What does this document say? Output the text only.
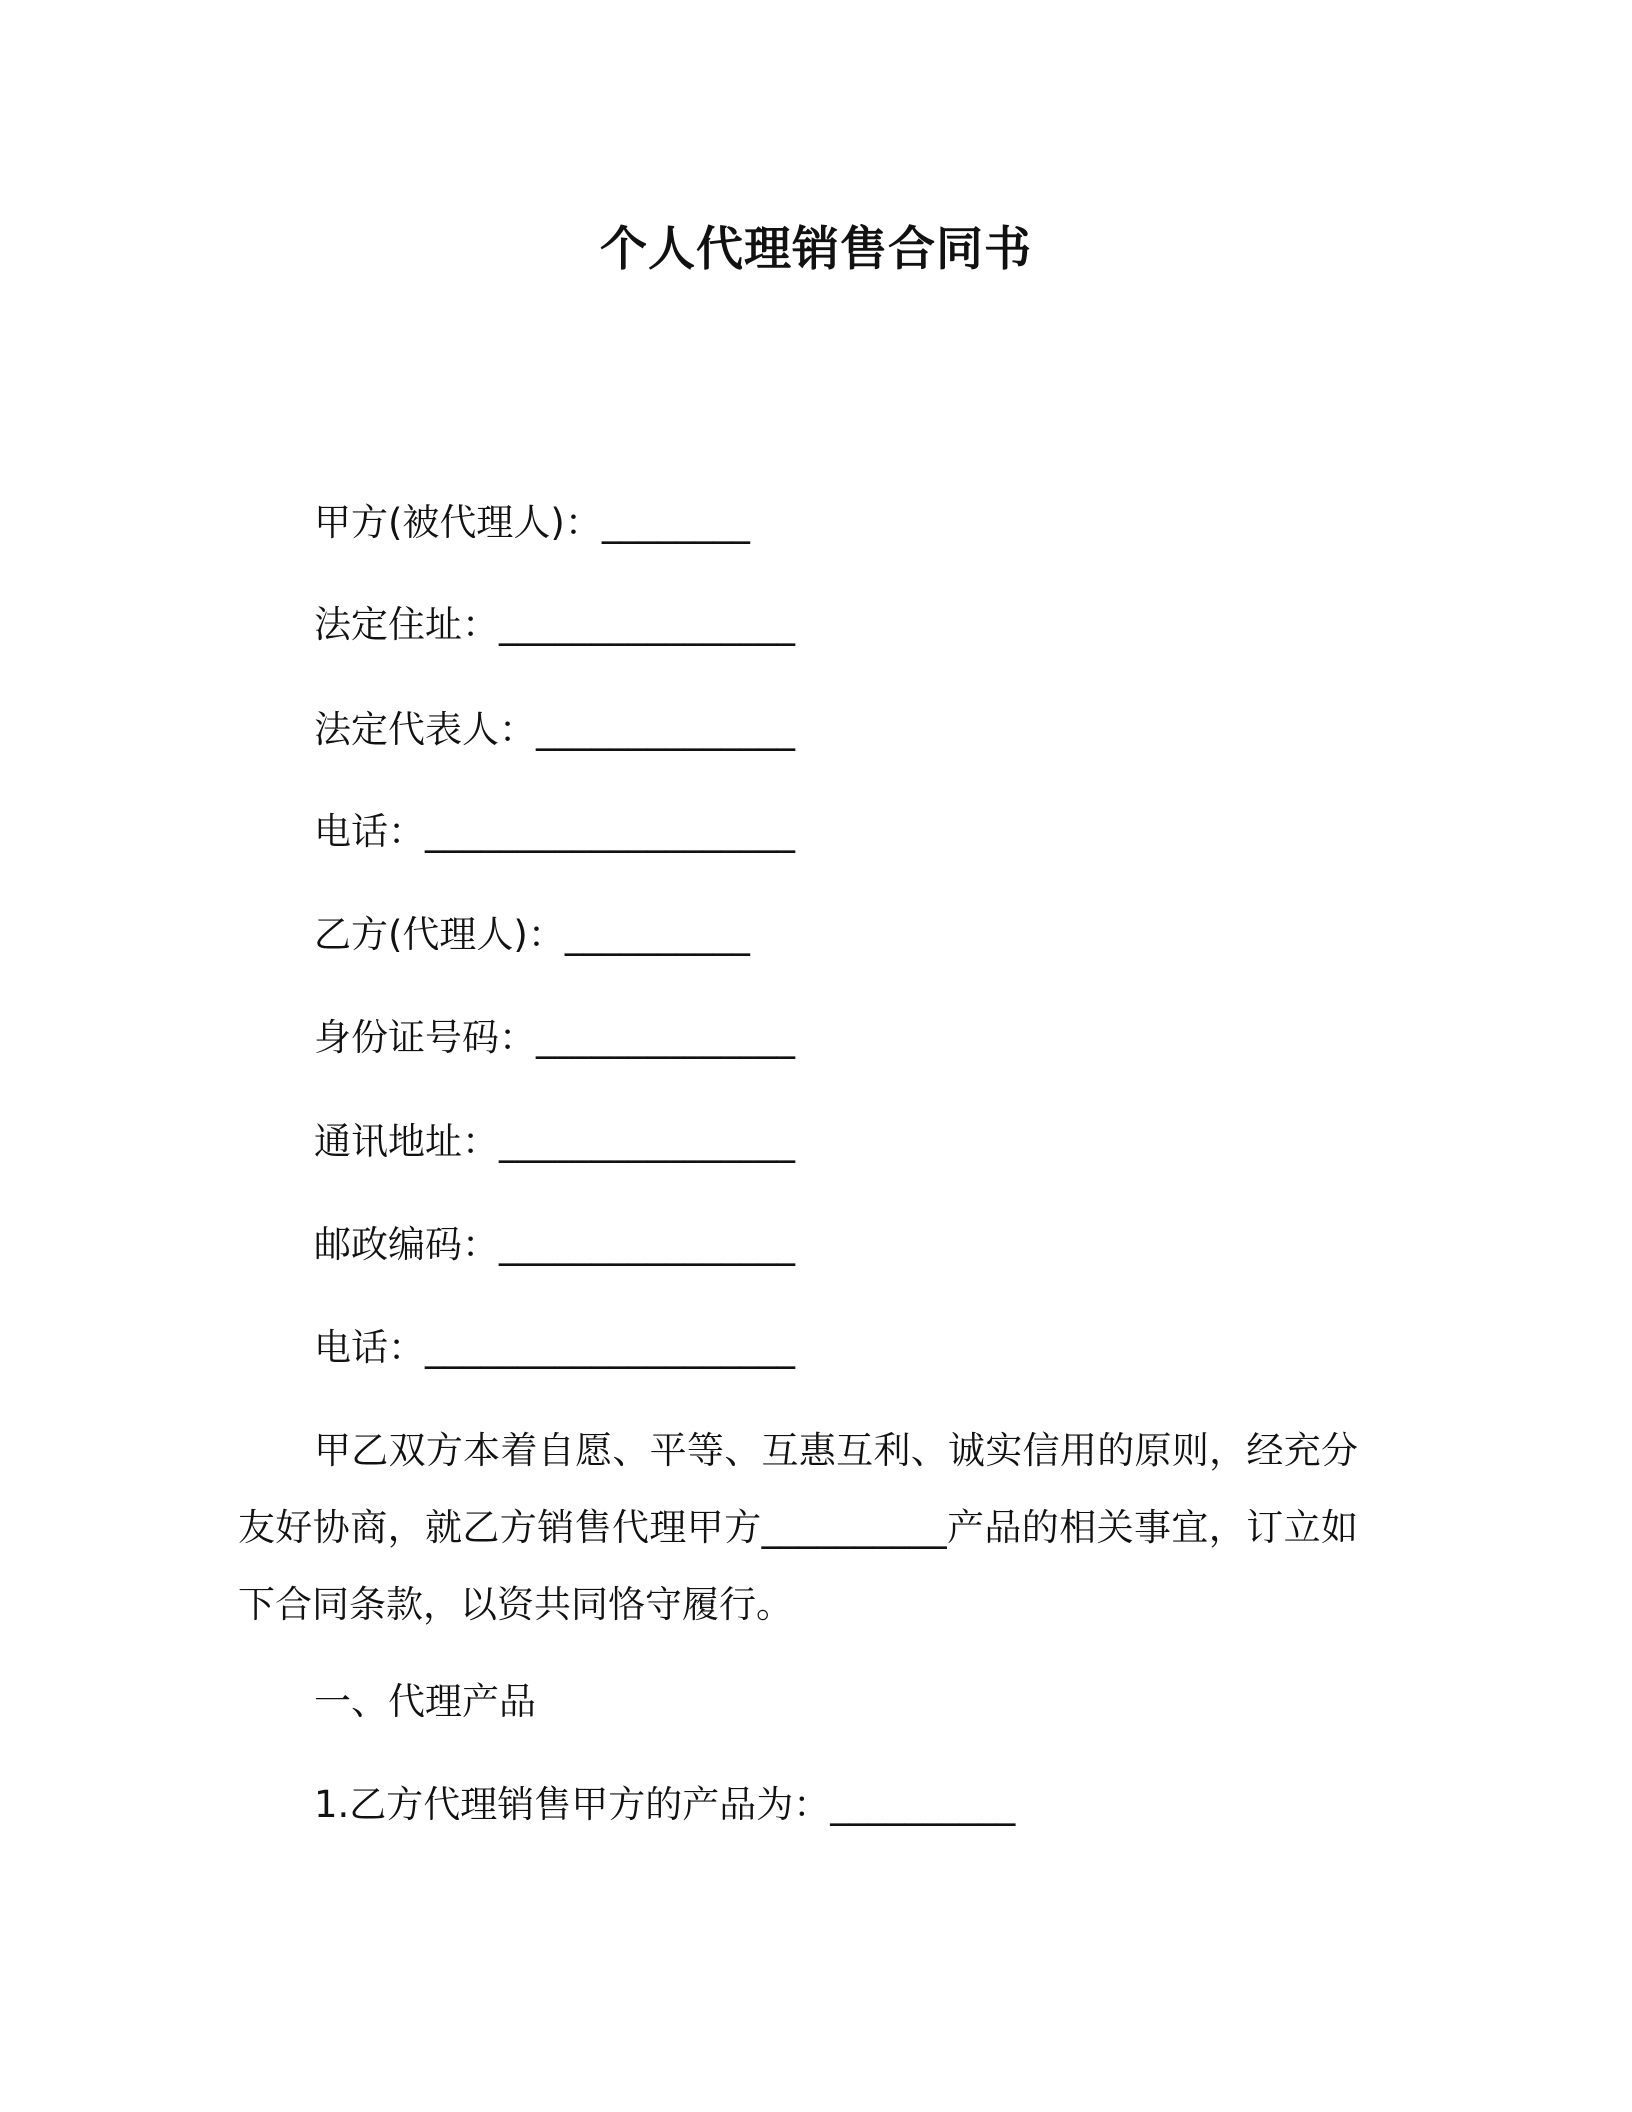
个人代理销售合同书
甲方(被代理人)：________
法定住址：________________
法定代表人：______________
电话：____________________
乙方(代理人)：__________
身份证号码：______________
通讯地址：________________
邮政编码：________________
电话：____________________
甲乙双方本着自愿、平等、互惠互利、诚实信用的原则，经充分友好协商，就乙方销售代理甲方__________产品的相关事宜，订立如下合同条款，以资共同恪守履行。
一、代理产品
1.乙方代理销售甲方的产品为：__________
